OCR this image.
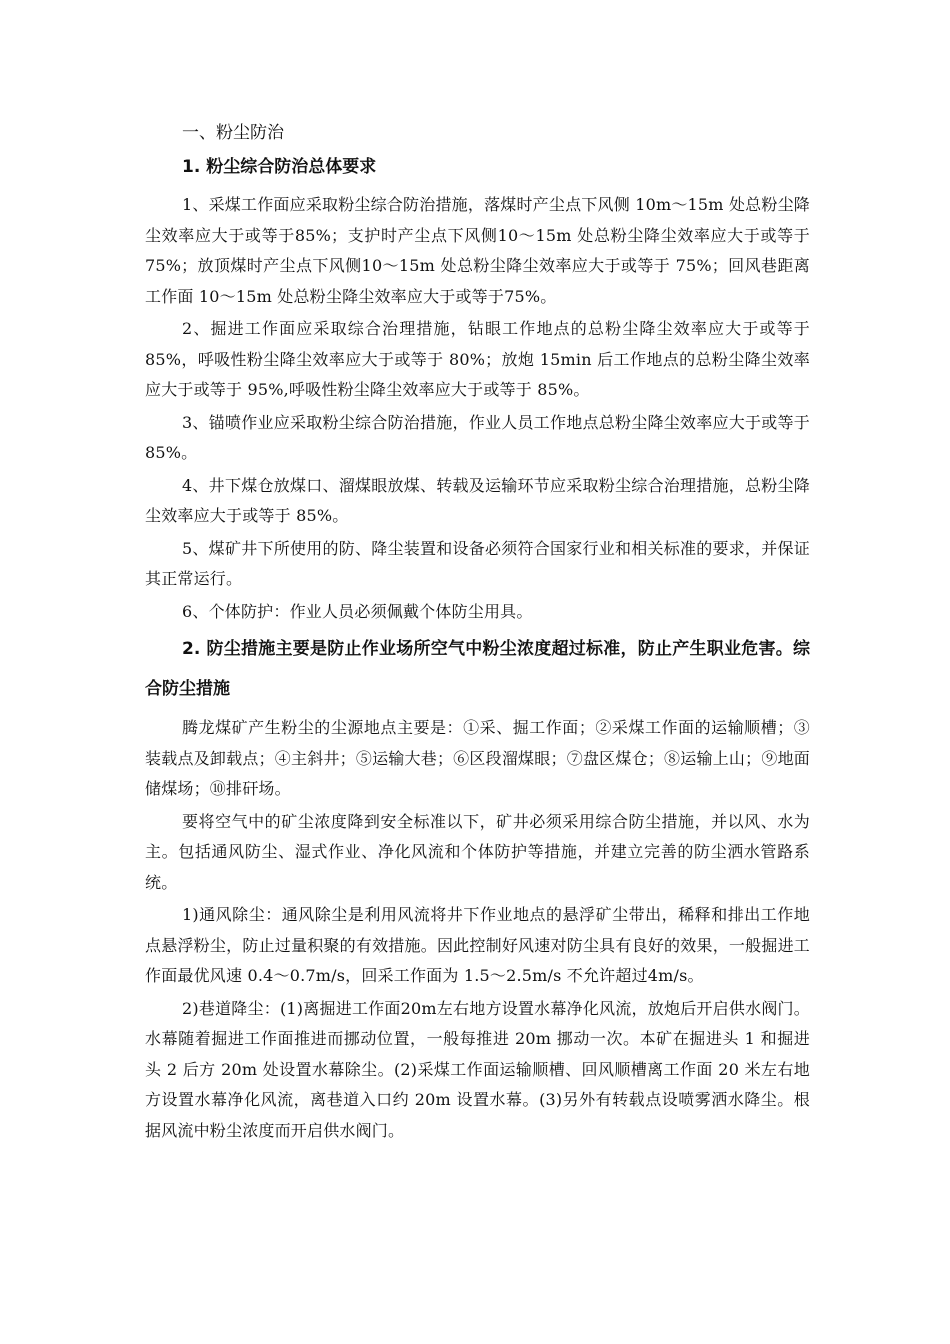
一、粉尘防治
1. 粉尘综合防治总体要求

1、采煤工作面应采取粉尘综合防治措施，落煤时产尘点下风侧 10m～15m 处总粉尘降尘效率应大于或等于85%；支护时产尘点下风侧10～15m 处总粉尘降尘效率应大于或等于75%；放顶煤时产尘点下风侧10～15m 处总粉尘降尘效率应大于或等于 75%；回风巷距离工作面 10～15m 处总粉尘降尘效率应大于或等于75%。

2、掘进工作面应采取综合治理措施，钻眼工作地点的总粉尘降尘效率应大于或等于 85%，呼吸性粉尘降尘效率应大于或等于 80%；放炮 15min 后工作地点的总粉尘降尘效率应大于或等于 95%,呼吸性粉尘降尘效率应大于或等于 85%。

3、锚喷作业应采取粉尘综合防治措施，作业人员工作地点总粉尘降尘效率应大于或等于 85%。

4、井下煤仓放煤口、溜煤眼放煤、转载及运输环节应采取粉尘综合治理措施，总粉尘降尘效率应大于或等于 85%。

5、煤矿井下所使用的防、降尘装置和设备必须符合国家行业和相关标准的要求，并保证其正常运行。

6、个体防护：作业人员必须佩戴个体防尘用具。

2. 防尘措施主要是防止作业场所空气中粉尘浓度超过标准，防止产生职业危害。综合防尘措施

腾龙煤矿产生粉尘的尘源地点主要是：①采、掘工作面；②采煤工作面的运输顺槽；③装载点及卸载点；④主斜井；⑤运输大巷；⑥区段溜煤眼；⑦盘区煤仓；⑧运输上山；⑨地面储煤场；⑩排矸场。

要将空气中的矿尘浓度降到安全标准以下，矿井必须采用综合防尘措施，并以风、水为主。包括通风防尘、湿式作业、净化风流和个体防护等措施，并建立完善的防尘洒水管路系统。

1)通风除尘：通风除尘是利用风流将井下作业地点的悬浮矿尘带出，稀释和排出工作地点悬浮粉尘，防止过量积聚的有效措施。因此控制好风速对防尘具有良好的效果，一般掘进工作面最优风速 0.4～0.7m/s，回采工作面为 1.5～2.5m/s 不允许超过4m/s。

2)巷道降尘：(1)离掘进工作面20m左右地方设置水幕净化风流，放炮后开启供水阀门。水幕随着掘进工作面推进而挪动位置，一般每推进 20m 挪动一次。本矿在掘进头 1 和掘进头 2 后方 20m 处设置水幕除尘。(2)采煤工作面运输顺槽、回风顺槽离工作面 20 米左右地方设置水幕净化风流，离巷道入口约 20m 设置水幕。(3)另外有转载点设喷雾洒水降尘。根据风流中粉尘浓度而开启供水阀门。
